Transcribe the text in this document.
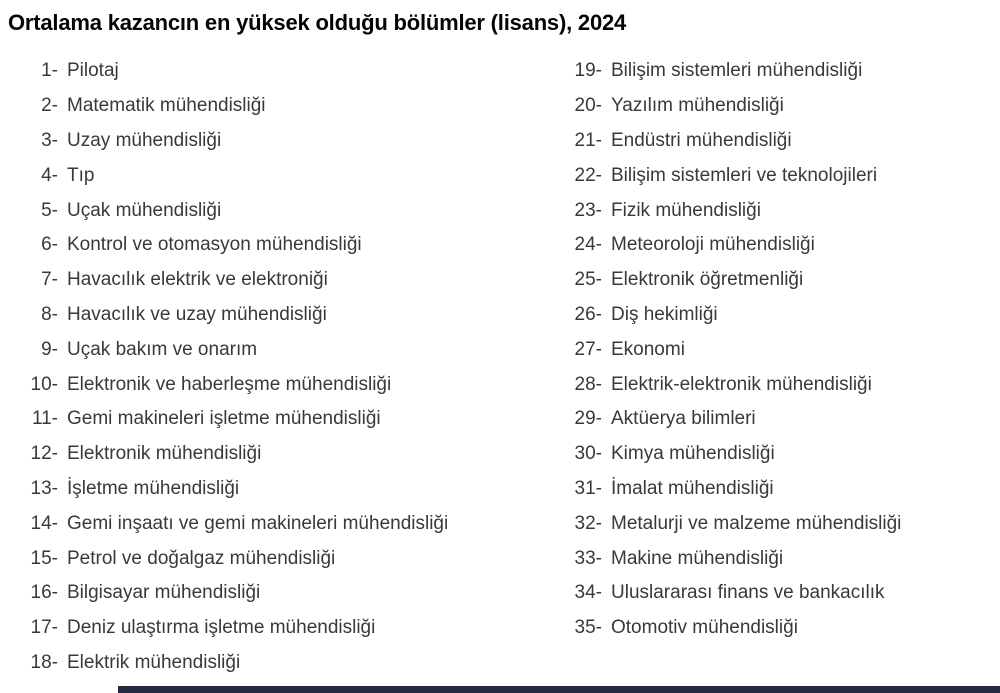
Ortalama kazancın en yüksek olduğu bölümler (lisans), 2024
1- Pilotaj
2- Matematik mühendisliği
3- Uzay mühendisliği
4- Tıp
5- Uçak mühendisliği
6- Kontrol ve otomasyon mühendisliği
7- Havacılık elektrik ve elektroniği
8- Havacılık ve uzay mühendisliği
9- Uçak bakım ve onarım
10- Elektronik ve haberleşme mühendisliği
11- Gemi makineleri işletme mühendisliği
12- Elektronik mühendisliği
13- İşletme mühendisliği
14- Gemi inşaatı ve gemi makineleri mühendisliği
15- Petrol ve doğalgaz mühendisliği
16- Bilgisayar mühendisliği
17- Deniz ulaştırma işletme mühendisliği
18- Elektrik mühendisliği
19- Bilişim sistemleri mühendisliği
20- Yazılım mühendisliği
21- Endüstri mühendisliği
22- Bilişim sistemleri ve teknolojileri
23- Fizik mühendisliği
24- Meteoroloji mühendisliği
25- Elektronik öğretmenliği
26- Diş hekimliği
27- Ekonomi
28- Elektrik-elektronik mühendisliği
29- Aktüerya bilimleri
30- Kimya mühendisliği
31- İmalat mühendisliği
32- Metalurji ve malzeme mühendisliği
33- Makine mühendisliği
34- Uluslararası finans ve bankacılık
35- Otomotiv mühendisliği
